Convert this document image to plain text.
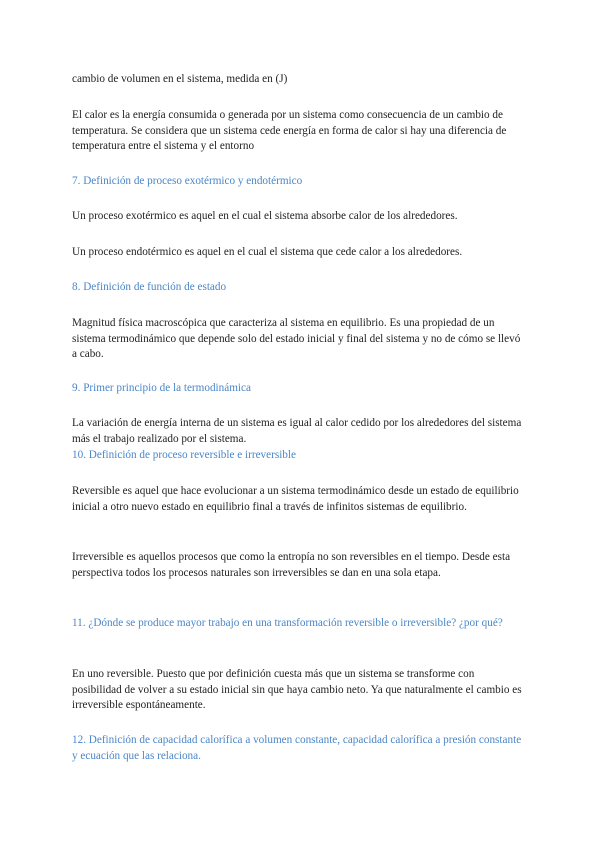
cambio de volumen en el sistema, medida en (J)

El calor es la energía consumida o generada por un sistema como consecuencia de un cambio de temperatura. Se considera que un sistema cede energía en forma de calor si hay una diferencia de temperatura entre el sistema y el entorno

7. Definición de proceso exotérmico y endotérmico

Un proceso exotérmico es aquel en el cual el sistema absorbe calor de los alrededores.

Un proceso endotérmico es aquel en el cual el sistema que cede calor a los alrededores.

8. Definición de función de estado

Magnitud física macroscópica que caracteriza al sistema en equilibrio. Es una propiedad de un sistema termodinámico que depende solo del estado inicial y final del sistema y no de cómo se llevó a cabo.

9. Primer principio de la termodinámica

La variación de energía interna de un sistema es igual al calor cedido por los alrededores del sistema más el trabajo realizado por el sistema.

10. Definición de proceso reversible e irreversible

Reversible es aquel que hace evolucionar a un sistema termodinámico desde un estado de equilibrio inicial a otro nuevo estado en equilibrio final a través de infinitos sistemas de equilibrio.

Irreversible es aquellos procesos que como la entropía no son reversibles en el tiempo. Desde esta perspectiva todos los procesos naturales son irreversibles se dan en una sola etapa.

11. ¿Dónde se produce mayor trabajo en una transformación reversible o irreversible? ¿por qué?

En uno reversible. Puesto que por definición cuesta más que un sistema se transforme con posibilidad de volver a su estado inicial sin que haya cambio neto. Ya que naturalmente el cambio es irreversible espontáneamente.

12. Definición de capacidad calorífica a volumen constante, capacidad calorífica a presión constante y ecuación que las relaciona.
